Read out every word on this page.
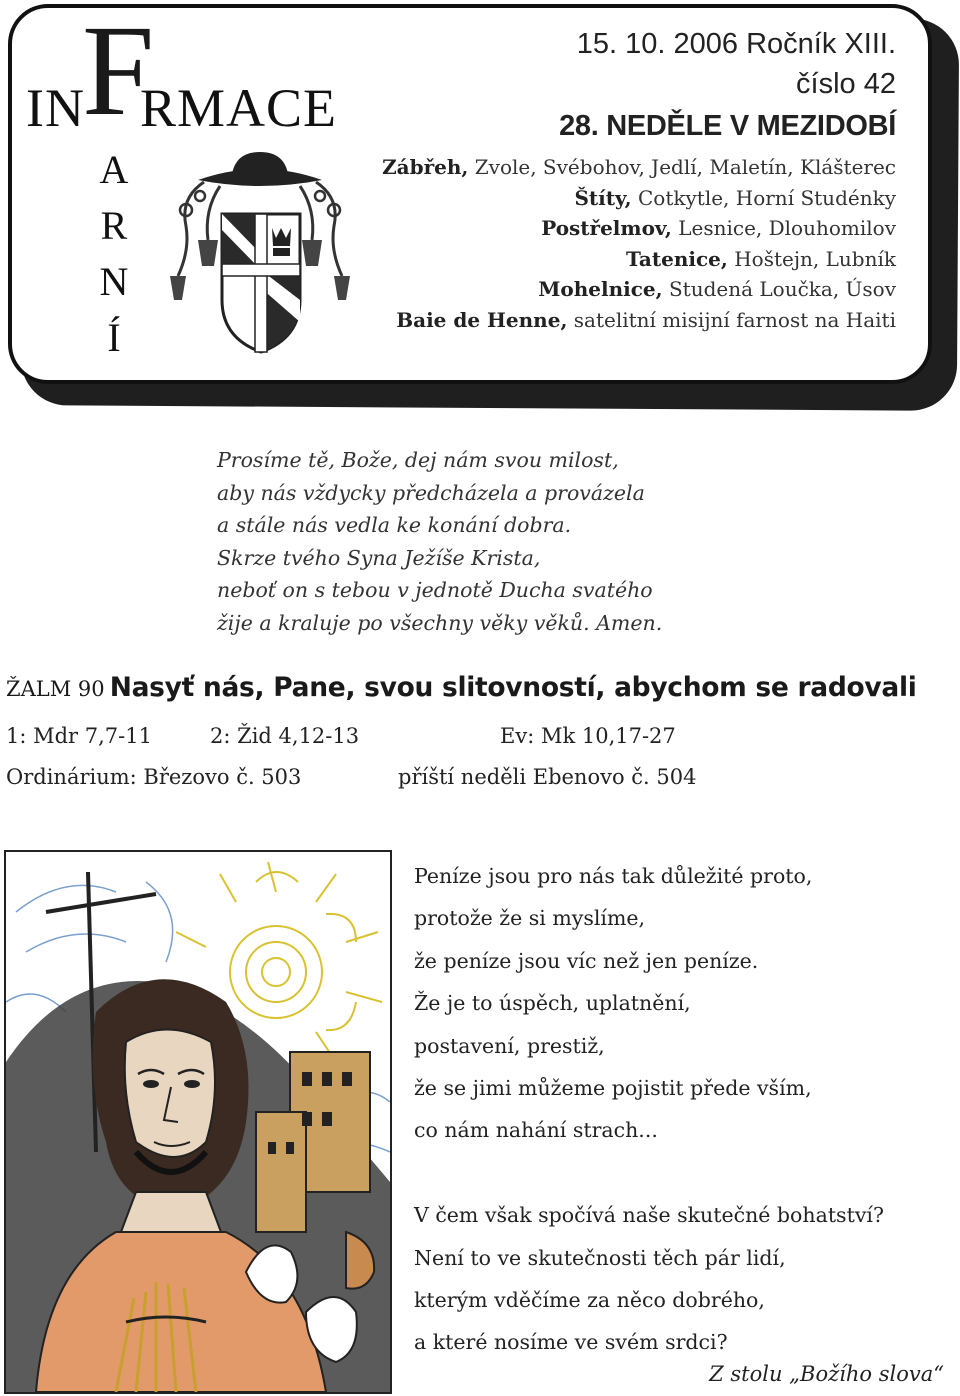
F
IN RMACE
A
R
N
Í
15. 10. 2006 Ročník XIII.
číslo 42
28. NEDĚLE V MEZIDOBÍ
Zábřeh, Zvole, Svébohov, Jedlí, Maletín, Klášterec
Štíty, Cotkytle, Horní Studénky
Postřelmov, Lesnice, Dlouhomilov
Tatenice, Hoštejn, Lubník
Mohelnice, Studená Loučka, Úsov
Baie de Henne, satelitní misijní farnost na Haiti
Prosíme tě, Bože, dej nám svou milost,
aby nás vždycky předcházela a provázela
a stále nás vedla ke konání dobra.
Skrze tvého Syna Ježíše Krista,
neboť on s tebou v jednotě Ducha svatého
žije a kraluje po všechny věky věků. Amen.
ŽALM 90 Nasyť nás, Pane, svou slitovností, abychom se radovali
1: Mdr 7,7-11	2: Žid 4,12-13	Ev: Mk 10,17-27
Ordinárium: Březovo č. 503	příští neděli Ebenovo č. 504
Peníze jsou pro nás tak důležité proto,
protože že si myslíme,
že peníze jsou víc než jen peníze.
Že je to úspěch, uplatnění,
postavení, prestiž,
že se jimi můžeme pojistit přede vším,
co nám nahání strach...

V čem však spočívá naše skutečné bohatství?
Není to ve skutečnosti těch pár lidí,
kterým vděčíme za něco dobrého,
a které nosíme ve svém srdci?
Z stolu „Božího slova“
